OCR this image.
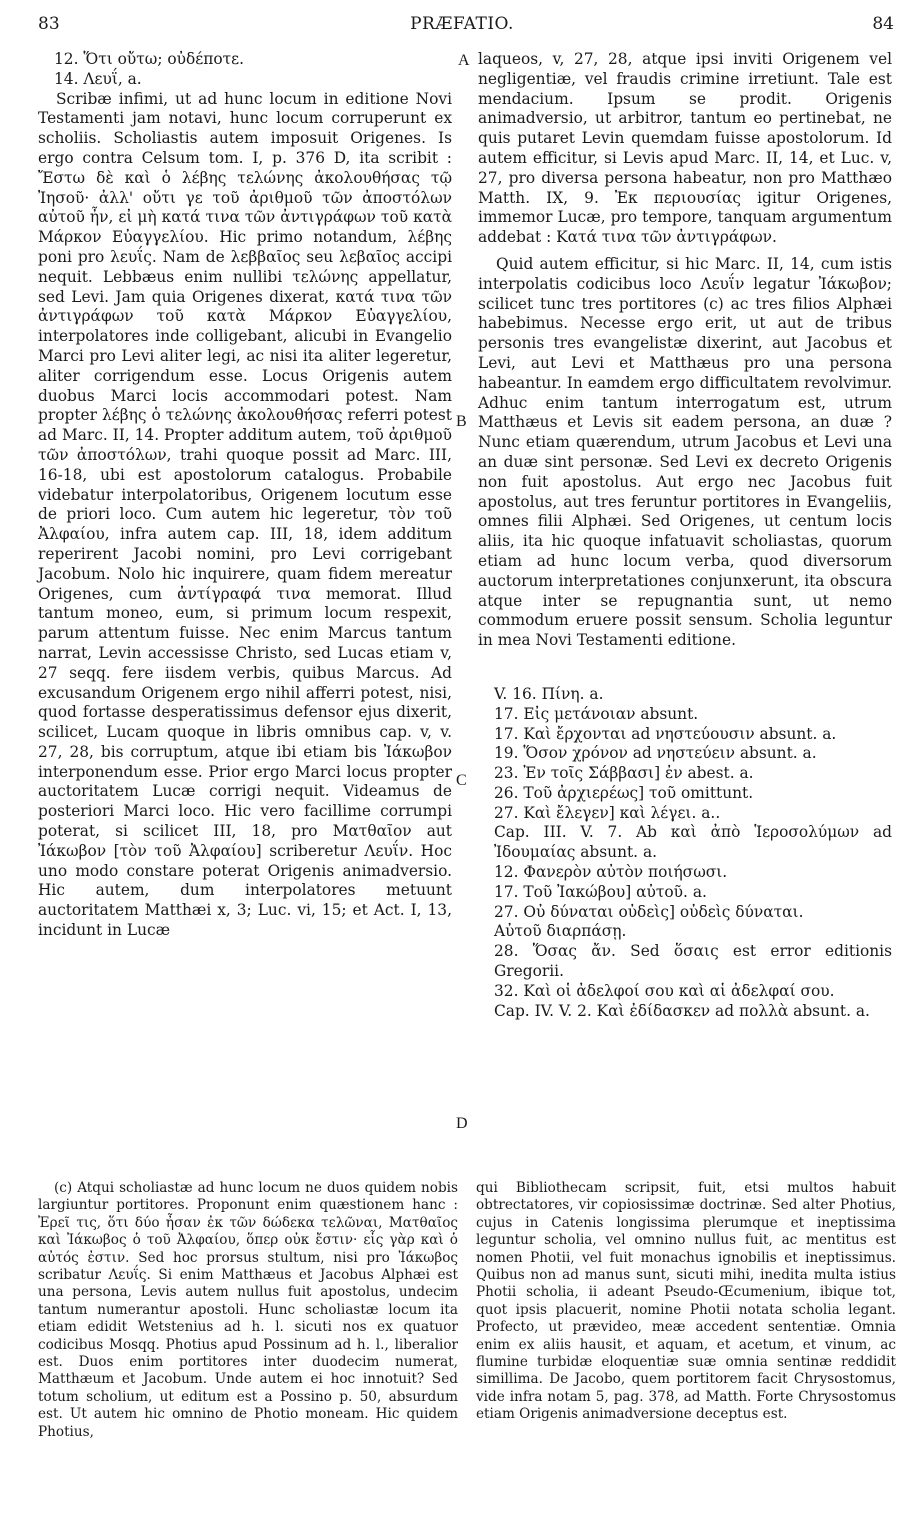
83	PRÆFATIO.	84
12. Ὅτι οὔτω; οὐδέποτε.
14. Λευΐ, a.

Scribæ infimi, ut ad hunc locum in editione Novi Testamenti jam notavi, hunc locum corruperunt ex scholiis. Scholiastis autem imposuit Origenes. Is ergo contra Celsum tom. I, p. 376 D, ita scribit : Ἔστω δὲ καὶ ὁ λέβης τελώνης ἀκολουθήσας τῷ Ἰησοῦ· ἀλλ' οὔτι γε τοῦ ἀριθμοῦ τῶν ἀποστόλων αὐτοῦ ἦν, εἰ μὴ κατά τινα τῶν ἀντιγράφων τοῦ κατὰ Μάρκον Εὐαγγελίου. Hic primo notandum, λέβης poni pro λευΐς. Nam de λεββαῖος seu λεβαῖος accipi nequit. Lebbæus enim nullibi τελώνης appellatur, sed Levi. Jam quia Origenes dixerat, κατά τινα τῶν ἀντιγράφων τοῦ κατὰ Μάρκον Εὐαγγελίου, interpolatores inde colligebant, alicubi in Evangelio Marci pro Levi aliter legi, ac nisi ita aliter legeretur, aliter corrigendum esse. Locus Origenis autem duobus Marci locis accommodari potest. Nam propter λέβης ὁ τελώνης ἀκολουθήσας referri potest ad Marc. II, 14. Propter additum autem, τοῦ ἀριθμοῦ τῶν ἀποστόλων, trahi quoque possit ad Marc. III, 16-18, ubi est apostolorum catalogus. Probabile videbatur interpolatoribus, Origenem locutum esse de priori loco. Cum autem hic legeretur, τὸν τοῦ Ἀλφαίου, infra autem cap. III, 18, idem additum reperirent Jacobi nomini, pro Levi corrigebant Jacobum. Nolo hic inquirere, quam fidem mereatur Origenes, cum ἀντίγραφά τινα memorat. Illud tantum moneo, eum, si primum locum respexit, parum attentum fuisse. Nec enim Marcus tantum narrat, Levin accessisse Christo, sed Lucas etiam v, 27 seqq. fere iisdem verbis, quibus Marcus. Ad excusandum Origenem ergo nihil afferri potest, nisi, quod fortasse desperatissimus defensor ejus dixerit, scilicet, Lucam quoque in libris omnibus cap. v, v. 27, 28, bis corruptum, atque ibi etiam bis Ἰάκωβον interponendum esse. Prior ergo Marci locus propter auctoritatem Lucæ corrigi nequit. Videamus de posteriori Marci loco. Hic vero facillime corrumpi poterat, si scilicet III, 18, pro Ματθαῖον aut Ἰάκωβον [τὸν τοῦ Ἀλφαίου] scriberetur Λευΐν. Hoc uno modo constare poterat Origenis animadversio. Hic autem, dum interpolatores metuunt auctoritatem Matthæi x, 3; Luc. vi, 15; et Act. I, 13, incidunt in Lucæ

A
B
C
D

laqueos, v, 27, 28, atque ipsi inviti Origenem vel negligentiæ, vel fraudis crimine irretiunt. Tale est mendacium. Ipsum se prodit. Origenis animadversio, ut arbitror, tantum eo pertinebat, ne quis putaret Levin quemdam fuisse apostolorum. Id autem efficitur, si Levis apud Marc. II, 14, et Luc. v, 27, pro diversa persona habeatur, non pro Matthæo Matth. IX, 9. Ἐκ περιουσίας igitur Origenes, immemor Lucæ, pro tempore, tanquam argumentum addebat : Κατά τινα τῶν ἀντιγράφων.

Quid autem efficitur, si hic Marc. II, 14, cum istis interpolatis codicibus loco Λευΐν legatur Ἰάκωβον; scilicet tunc tres portitores (c) ac tres filios Alphæi habebimus. Necesse ergo erit, ut aut de tribus personis tres evangelistæ dixerint, aut Jacobus et Levi, aut Levi et Matthæus pro una persona habeantur. In eamdem ergo difficultatem revolvimur. Adhuc enim tantum interrogatum est, utrum Matthæus et Levis sit eadem persona, an duæ ? Nunc etiam quærendum, utrum Jacobus et Levi una an duæ sint personæ. Sed Levi ex decreto Origenis non fuit apostolus. Aut ergo nec Jacobus fuit apostolus, aut tres feruntur portitores in Evangeliis, omnes filii Alphæi. Sed Origenes, ut centum locis aliis, ita hic quoque infatuavit scholiastas, quorum etiam ad hunc locum verba, quod diversorum auctorum interpretationes conjunxerunt, ita obscura atque inter se repugnantia sunt, ut nemo commodum eruere possit sensum. Scholia leguntur in mea Novi Testamenti editione.

V. 16. Πίνη. a.
17. Εἰς μετάνοιαν absunt.
17. Καὶ ἔρχονται ad νηστεύουσιν absunt. a.
19. Ὅσον χρόνον ad νηστεύειν absunt. a.
23. Ἐν τοῖς Σάββασι] ἐν abest. a.
26. Τοῦ ἀρχιερέως] τοῦ omittunt.
27. Καὶ ἔλεγεν] καὶ λέγει. a..
Cap. III. V. 7. Ab καὶ ἀπὸ Ἱεροσολύμων ad Ἰδουμαίας absunt. a.
12. Φανερὸν αὐτὸν ποιήσωσι.
17. Τοῦ Ἰακώβου] αὐτοῦ. a.
27. Οὐ δύναται οὐδεὶς] οὐδεὶς δύναται.
Αὐτοῦ διαρπάσῃ.
28. Ὅσας ἄν. Sed ὅσαις est error editionis Gregorii.
32. Καὶ οἱ ἀδελφοί σου καὶ αἱ ἀδελφαί σου.
Cap. IV. V. 2. Καὶ ἐδίδασκεν ad πολλὰ absunt. a.

(c) Atqui scholiastæ ad hunc locum ne duos quidem nobis largiuntur portitores. Proponunt enim quæstionem hanc : Ἐρεῖ τις, ὅτι δύο ἦσαν ἐκ τῶν δώδεκα τελῶναι, Ματθαῖος καὶ Ἰάκωβος ὁ τοῦ Ἀλφαίου, ὅπερ οὐκ ἔστιν· εἷς γὰρ καὶ ὁ αὐτός ἐστιν. Sed hoc prorsus stultum, nisi pro Ἰάκωβος scribatur Λευΐς. Si enim Matthæus et Jacobus Alphæi est una persona, Levis autem nullus fuit apostolus, undecim tantum numerantur apostoli. Hunc scholiastæ locum ita etiam edidit Wetstenius ad h. l. sicuti nos ex quatuor codicibus Mosqq. Photius apud Possinum ad h. l., liberalior est. Duos enim portitores inter duodecim numerat, Matthæum et Jacobum. Unde autem ei hoc innotuit? Sed totum scholium, ut editum est a Possino p. 50, absurdum est. Ut autem hic omnino de Photio moneam. Hic quidem Photius,

qui Bibliothecam scripsit, fuit, etsi multos habuit obtrectatores, vir copiosissimæ doctrinæ. Sed alter Photius, cujus in Catenis longissima plerumque et ineptissima leguntur scholia, vel omnino nullus fuit, ac mentitus est nomen Photii, vel fuit monachus ignobilis et ineptissimus. Quibus non ad manus sunt, sicuti mihi, inedita multa istius Photii scholia, ii adeant Pseudo-Œcumenium, ibique tot, quot ipsis placuerit, nomine Photii notata scholia legant. Profecto, ut prævideo, meæ accedent sententiæ. Omnia enim ex aliis hausit, et aquam, et acetum, et vinum, ac flumine turbidæ eloquentiæ suæ omnia sentinæ reddidit simillima. De Jacobo, quem portitorem facit Chrysostomus, vide infra notam 5, pag. 378, ad Matth. Forte Chrysostomus etiam Origenis animadversione deceptus est.
